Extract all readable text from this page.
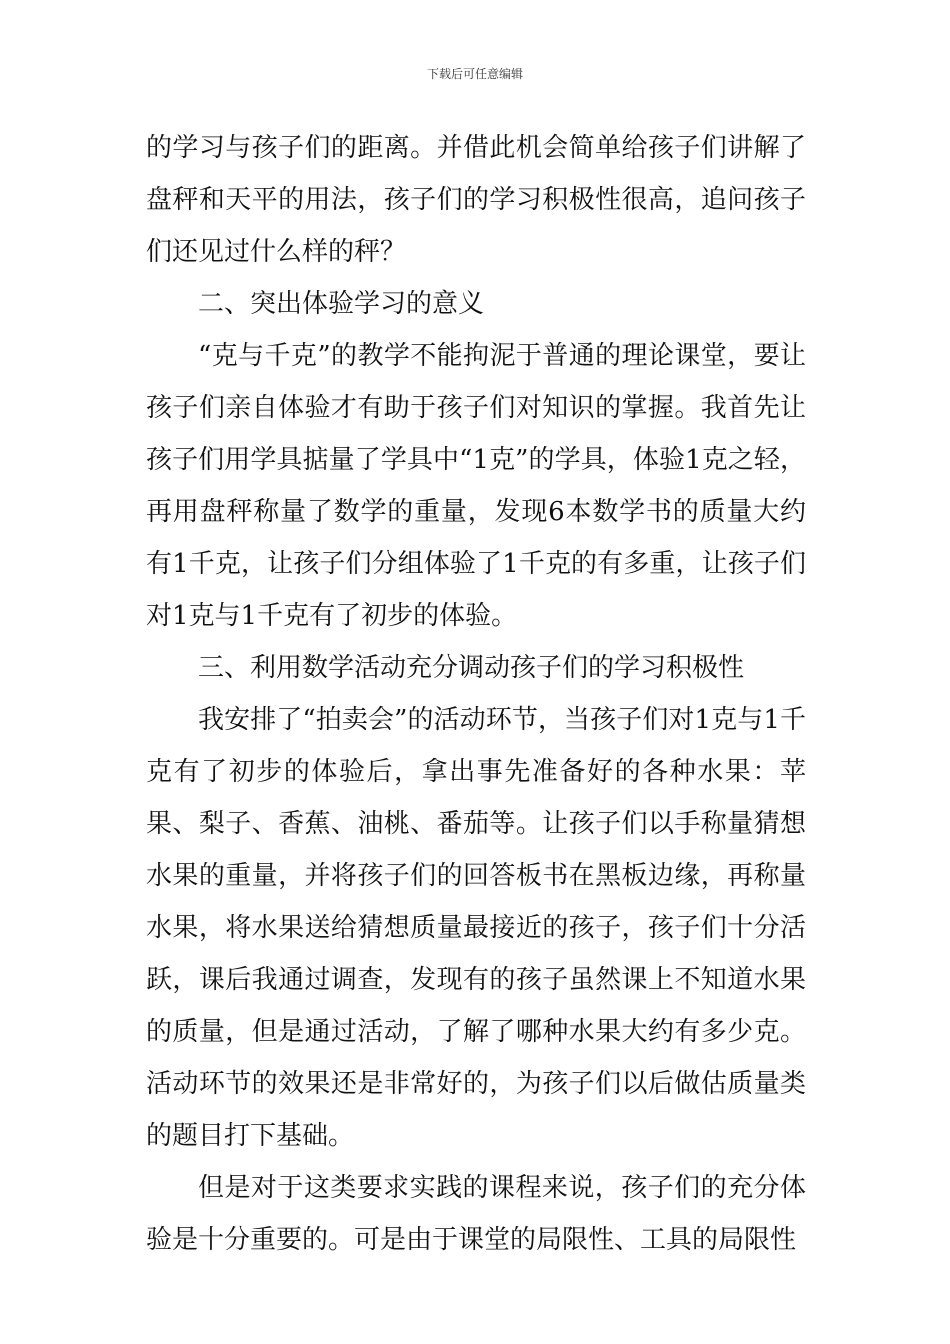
下载后可任意编辑

的学习与孩子们的距离。并借此机会简单给孩子们讲解了盘秤和天平的用法，孩子们的学习积极性很高，追问孩子们还见过什么样的秤？

二、突出体验学习的意义

“克与千克”的教学不能拘泥于普通的理论课堂，要让孩子们亲自体验才有助于孩子们对知识的掌握。我首先让孩子们用学具掂量了学具中“1克”的学具，体验1克之轻，再用盘秤称量了数学的重量，发现6本数学书的质量大约有1千克，让孩子们分组体验了1千克的有多重，让孩子们对1克与1千克有了初步的体验。

三、利用数学活动充分调动孩子们的学习积极性

我安排了“拍卖会”的活动环节，当孩子们对1克与1千克有了初步的体验后，拿出事先准备好的各种水果：苹果、梨子、香蕉、油桃、番茄等。让孩子们以手称量猜想水果的重量，并将孩子们的回答板书在黑板边缘，再称量水果，将水果送给猜想质量最接近的孩子，孩子们十分活跃，课后我通过调查，发现有的孩子虽然课上不知道水果的质量，但是通过活动，了解了哪种水果大约有多少克。活动环节的效果还是非常好的，为孩子们以后做估质量类的题目打下基础。

但是对于这类要求实践的课程来说，孩子们的充分体验是十分重要的。可是由于课堂的局限性、工具的局限性
